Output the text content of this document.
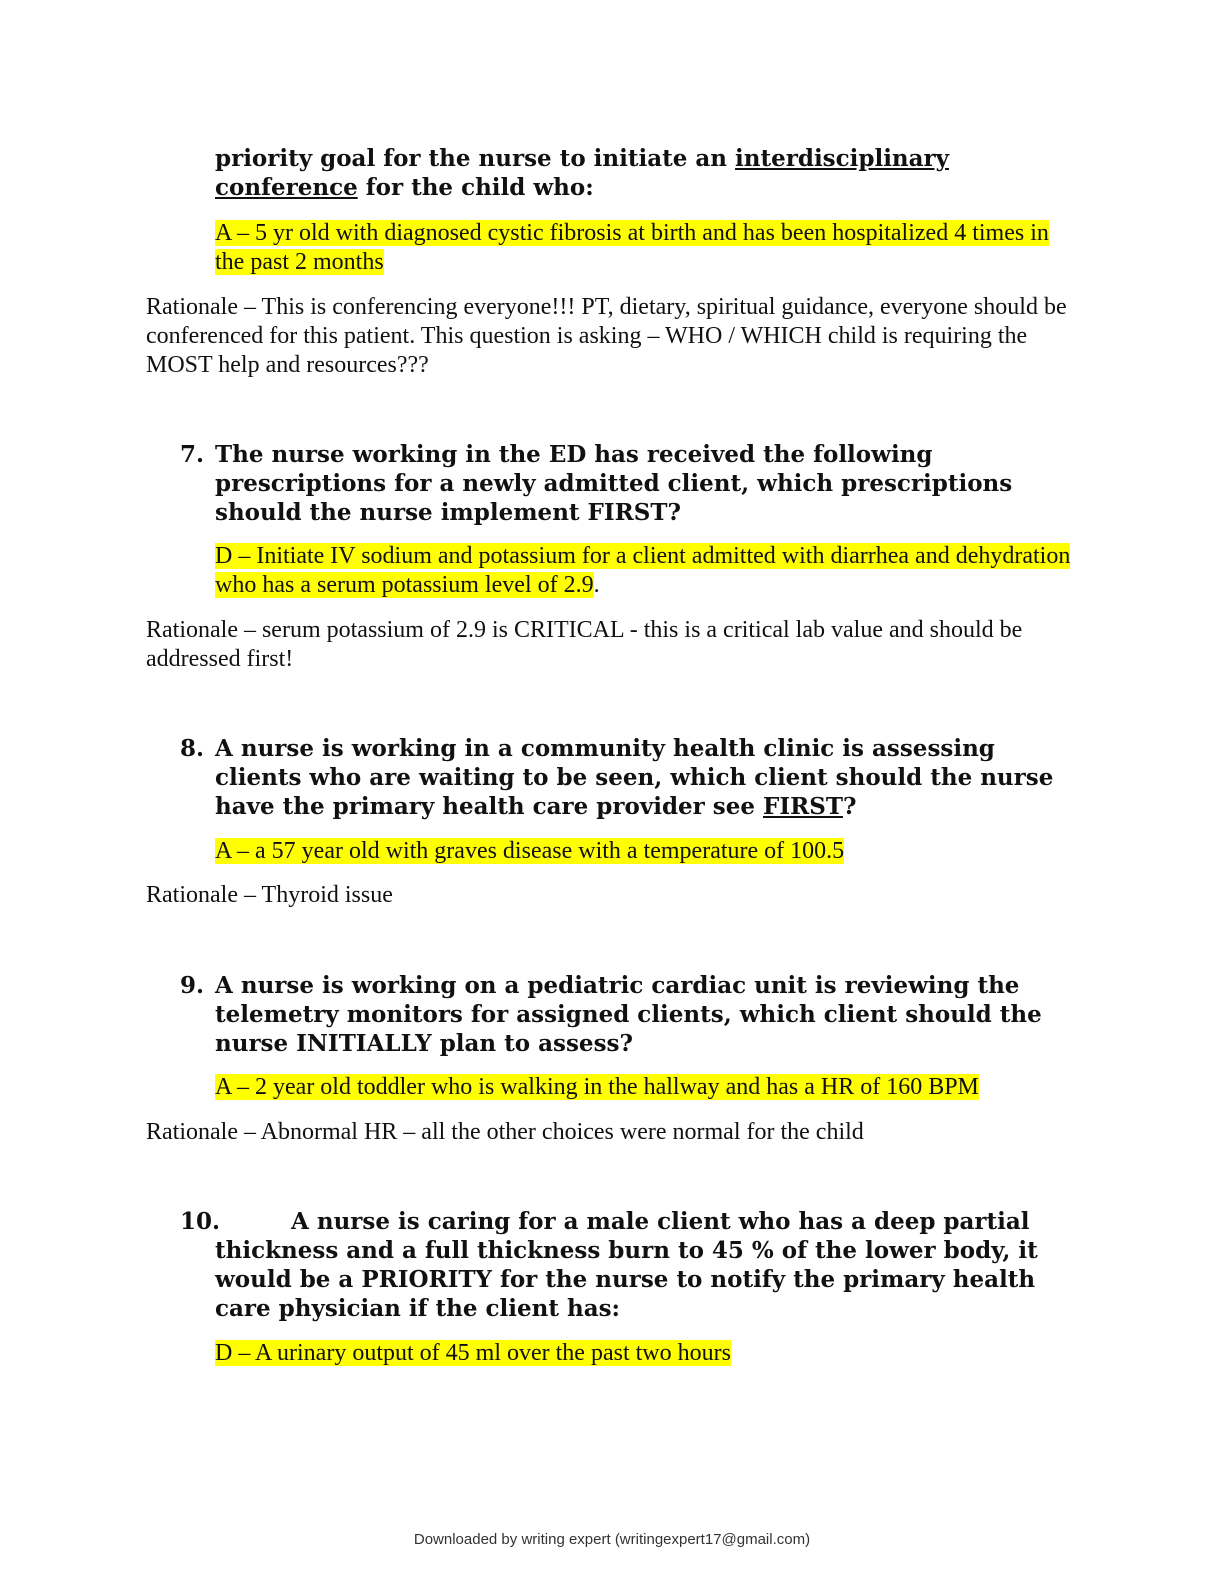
priority goal for the nurse to initiate an interdisciplinary conference for the child who:
A – 5 yr old with diagnosed cystic fibrosis at birth and has been hospitalized 4 times in the past 2 months
Rationale – This is conferencing everyone!!! PT, dietary, spiritual guidance, everyone should be conferenced for this patient. This question is asking – WHO / WHICH child is requiring the MOST help and resources???
7. The nurse working in the ED has received the following prescriptions for a newly admitted client, which prescriptions should the nurse implement FIRST?
D – Initiate IV sodium and potassium for a client admitted with diarrhea and dehydration who has a serum potassium level of 2.9.
Rationale – serum potassium of 2.9 is CRITICAL - this is a critical lab value and should be addressed first!
8. A nurse is working in a community health clinic is assessing clients who are waiting to be seen, which client should the nurse have the primary health care provider see FIRST?
A – a 57 year old with graves disease with a temperature of 100.5
Rationale – Thyroid issue
9. A nurse is working on a pediatric cardiac unit is reviewing the telemetry monitors for assigned clients, which client should the nurse INITIALLY plan to assess?
A – 2 year old toddler who is walking in the hallway and has a HR of 160 BPM
Rationale – Abnormal HR – all the other choices were normal for the child
10.	A nurse is caring for a male client who has a deep partial
thickness and a full thickness burn to 45 % of the lower body, it would be a PRIORITY for the nurse to notify the primary health care physician if the client has:
D – A urinary output of 45 ml over the past two hours
Downloaded by writing expert (writingexpert17@gmail.com)
